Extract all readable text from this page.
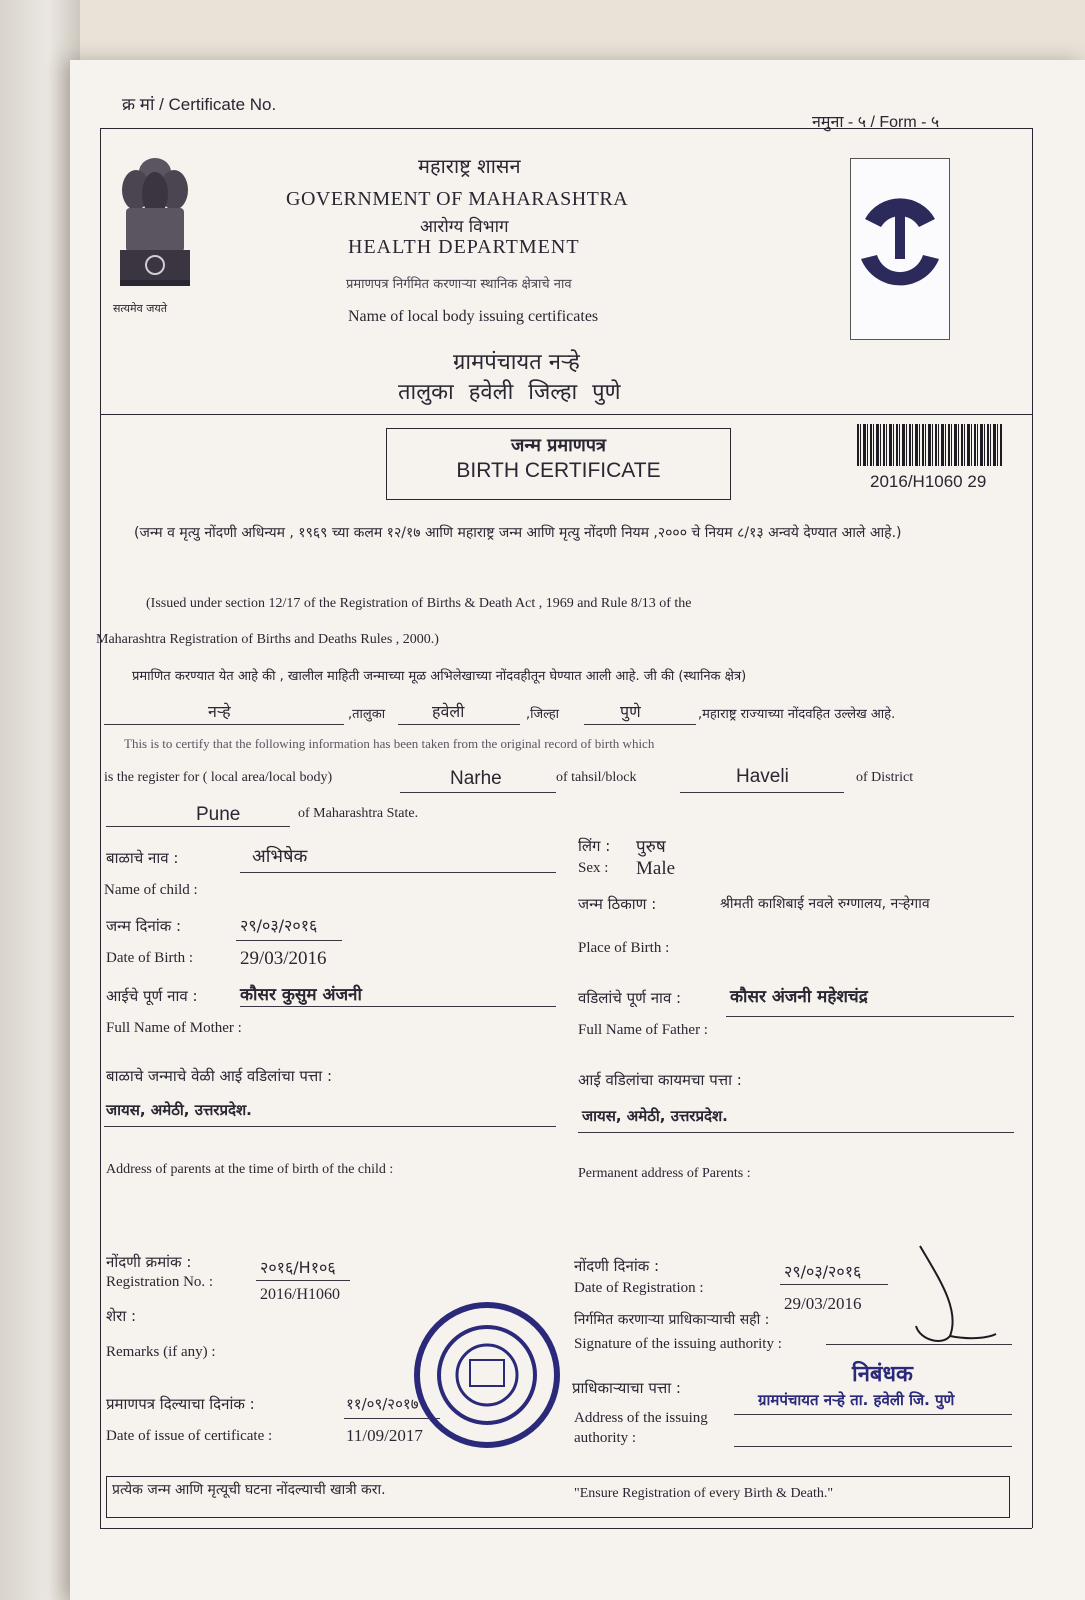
क्र मां / Certificate No.
नमुना - ५ / Form - ५
सत्यमेव जयते
महाराष्ट्र शासन
GOVERNMENT OF MAHARASHTRA
आरोग्य विभाग
HEALTH DEPARTMENT
प्रमाणपत्र निर्गमित करणाऱ्या स्थानिक क्षेत्राचे नाव
Name of local body issuing certificates
ग्रामपंचायत नऱ्हे
तालुका हवेली जिल्हा पुणे
जन्म प्रमाणपत्र
BIRTH CERTIFICATE	2016/H1060 29
(जन्म व मृत्यु नोंदणी अधिन्यम , १९६९ च्या कलम १२/१७ आणि महाराष्ट्र जन्म आणि मृत्यु नोंदणी नियम ,२००० चे नियम ८/१३ अन्वये देण्यात आले आहे.)
(Issued under section 12/17 of the Registration of Births & Death Act , 1969 and Rule 8/13 of the
Maharashtra Registration of Births and Deaths Rules , 2000.)
प्रमाणित करण्यात येत आहे की , खालील माहिती जन्माच्या मूळ अभिलेखाच्या नोंदवहीतून घेण्यात आली आहे. जी की (स्थानिक क्षेत्र)
नऱ्हे	,तालुका	हवेली	,जिल्हा	पुणे	,महाराष्ट्र राज्याच्या नोंदवहित उल्लेख आहे.
This is to certify that the following information has been taken from the original record of birth which
is the register for ( local area/local body)	Narhe	of tahsil/block	Haveli	of District
Pune	of Maharashtra State.
बाळाचे नाव :	अभिषेक
Name of child :
लिंग : पुरुष
Sex : Male
जन्म दिनांक :	२९/०३/२०१६
Date of Birth : 29/03/2016
जन्म ठिकाण :	श्रीमती काशिबाई नवले रुग्णालय, नऱ्हेगाव
Place of Birth :
आईचे पूर्ण नाव :	कौसर कुसुम अंजनी
Full Name of Mother :
वडिलांचे पूर्ण नाव :	कौसर अंजनी महेशचंद्र
Full Name of Father :
बाळाचे जन्माचे वेळी आई वडिलांचा पत्ता :
जायस, अमेठी, उत्तरप्रदेश.
Address of parents at the time of birth of the child :
आई वडिलांचा कायमचा पत्ता :
जायस, अमेठी, उत्तरप्रदेश.
Permanent address of Parents :
नोंदणी क्रमांक :
Registration No. :
२०१६/H१०६
2016/H1060
नोंदणी दिनांक :
Date of Registration :
२९/०३/२०१६
29/03/2016
शेरा :
Remarks (if any) :
निर्गमित करणाऱ्या प्राधिकाऱ्याची सही :
Signature of the issuing authority :
प्रमाणपत्र दिल्याचा दिनांक :
Date of issue of certificate :
११/०९/२०१७
11/09/2017
प्राधिकाऱ्याचा पत्ता :
Address of the issuing authority :
निबंधक
ग्रामपंचायत नऱ्हे ता. हवेली जि. पुणे
प्रत्येक जन्म आणि मृत्यूची घटना नोंदल्याची खात्री करा.	"Ensure Registration of every Birth & Death."
